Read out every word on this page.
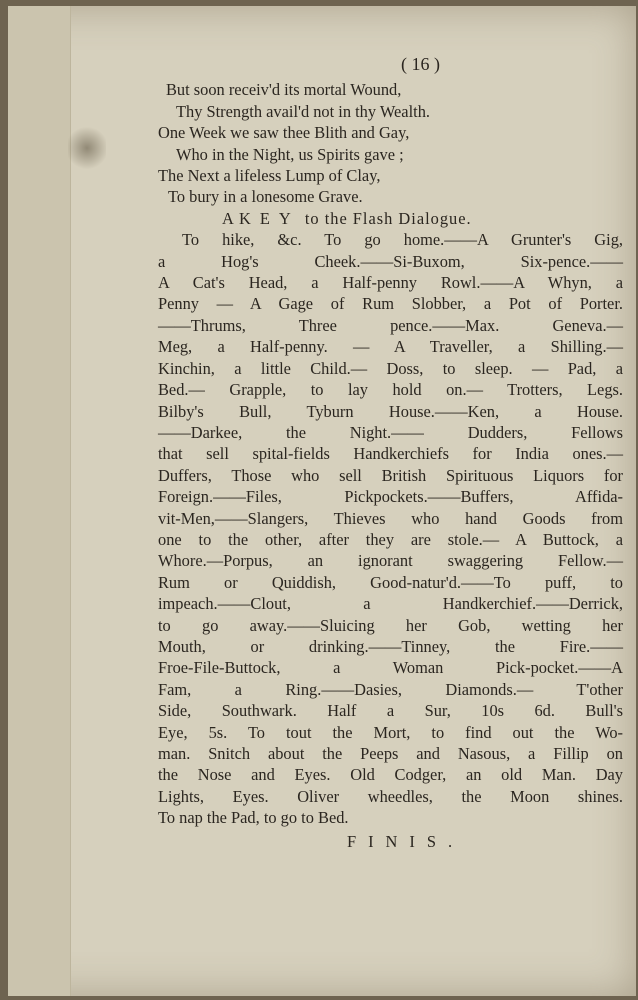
( 16 )
But soon receiv'd its mortal Wound,
Thy Strength avail'd not in thy Wealth.
One Week we saw thee Blith and Gay,
Who in the Night, us Spirits gave ;
The Next a lifeless Lump of Clay,
To bury in a lonesome Grave.
A KEY to the Flash Dialogue.
To hike, &c. To go home.——A Grunter's Gig,
a Hog's Cheek.——Si-Buxom, Six-pence.——
A Cat's Head, a Half-penny Rowl.——A Whyn, a
Penny — A Gage of Rum Slobber, a Pot of Porter.
——Thrums, Three pence.——Max. Geneva.—
Meg, a Half-penny. — A Traveller, a Shilling.—
Kinchin, a little Child.— Doss, to sleep. — Pad, a
Bed.— Grapple, to lay hold on.— Trotters, Legs.
Bilby's Bull, Tyburn House.——Ken, a House.
——Darkee, the Night.—— Dudders, Fellows
that sell spital-fields Handkerchiefs for India ones.—
Duffers, Those who sell British Spirituous Liquors for
Foreign.——Files, Pickpockets.——Buffers, Affida-
vit-Men,——Slangers, Thieves who hand Goods from
one to the other, after they are stole.— A Buttock, a
Whore.—Porpus, an ignorant swaggering Fellow.—
Rum or Quiddish, Good-natur'd.——To puff, to
impeach.——Clout, a Handkerchief.——Derrick,
to go away.——Sluicing her Gob, wetting her
Mouth, or drinking.——Tinney, the Fire.——
Froe-File-Buttock, a Woman Pick-pocket.——A
Fam, a Ring.——Dasies, Diamonds.— T'other
Side, Southwark. Half a Sur, 10s 6d. Bull's
Eye, 5s. To tout the Mort, to find out the Wo-
man. Snitch about the Peeps and Nasous, a Fillip on
the Nose and Eyes. Old Codger, an old Man. Day
Lights, Eyes. Oliver wheedles, the Moon shines.
To nap the Pad, to go to Bed.
FINIS.
